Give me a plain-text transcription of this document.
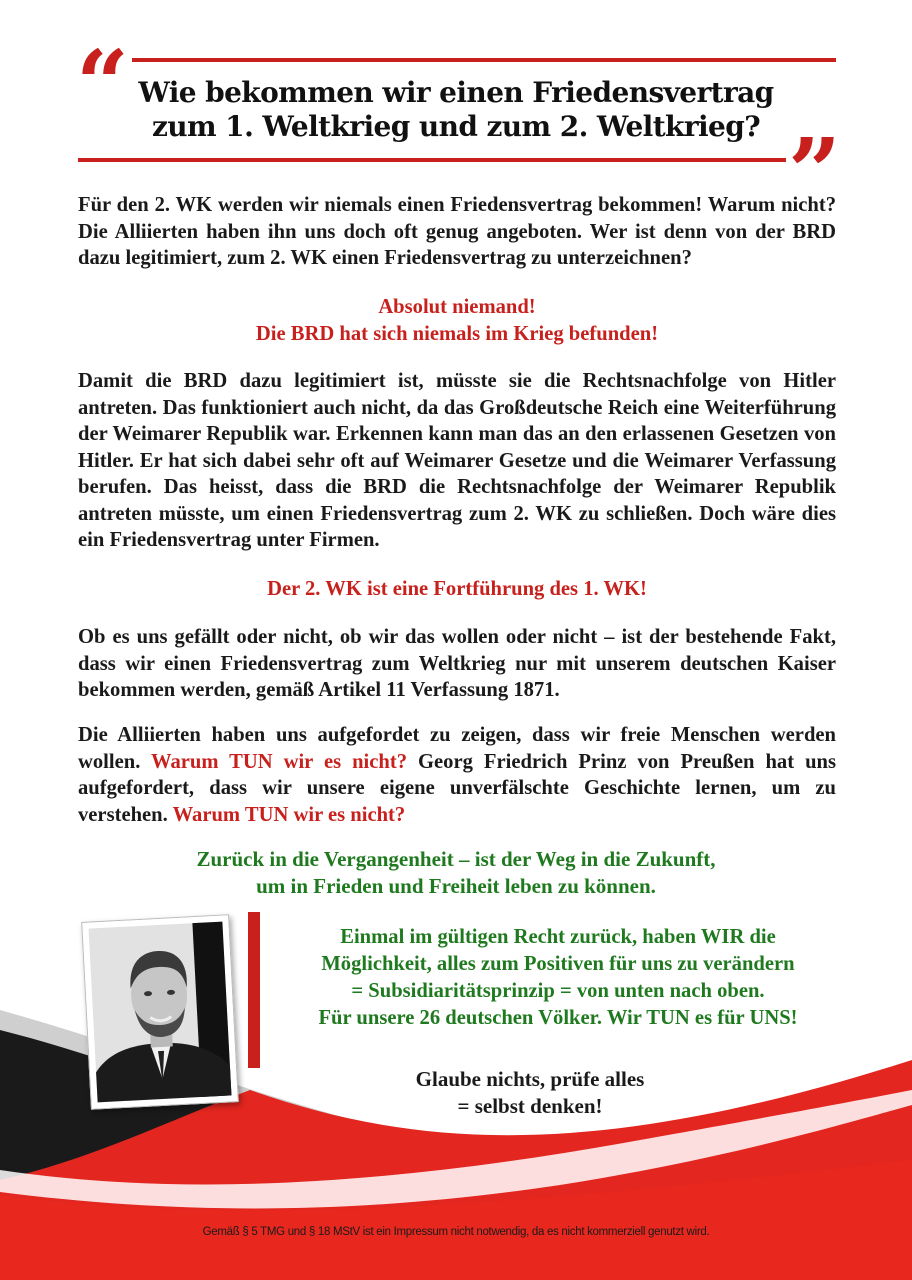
“
”
Wie bekommen wir einen Friedensvertrag
zum 1. Weltkrieg und zum 2. Weltkrieg?
Für den 2. WK werden wir niemals einen Friedensvertrag bekommen! Warum nicht? Die Alliierten haben ihn uns doch oft genug angeboten. Wer ist denn von der BRD dazu legitimiert, zum 2. WK einen Friedensvertrag zu unterzeichnen?
Absolut niemand!
Die BRD hat sich niemals im Krieg befunden!
Damit die BRD dazu legitimiert ist, müsste sie die Rechtsnachfolge von Hitler antreten. Das funktioniert auch nicht, da das Großdeutsche Reich eine Weiterführung der Weimarer Republik war. Erkennen kann man das an den erlassenen Gesetzen von Hitler. Er hat sich dabei sehr oft auf Weimarer Gesetze und die Weimarer Verfassung berufen. Das heisst, dass die BRD die Rechtsnachfolge der Weimarer Republik antreten müsste, um einen Friedensvertrag zum 2. WK zu schließen. Doch wäre dies ein Friedensvertrag unter Firmen.
Der 2. WK ist eine Fortführung des 1. WK!
Ob es uns gefällt oder nicht, ob wir das wollen oder nicht – ist der bestehende Fakt, dass wir einen Friedensvertrag zum Weltkrieg nur mit unserem deutschen Kaiser bekommen werden, gemäß Artikel 11 Verfassung 1871.
Die Alliierten haben uns aufgefordet zu zeigen, dass wir freie Menschen werden wollen. Warum TUN wir es nicht? Georg Friedrich Prinz von Preußen hat uns aufgefordert, dass wir unsere eigene unverfälschte Geschichte lernen, um zu verstehen. Warum TUN wir es nicht?
Zurück in die Vergangenheit – ist der Weg in die Zukunft,
um in Frieden und Freiheit leben zu können.
Einmal im gültigen Recht zurück, haben WIR die
Möglichkeit, alles zum Positiven für uns zu verändern
= Subsidiaritätsprinzip = von unten nach oben.
Für unsere 26 deutschen Völker. Wir TUN es für UNS!
Glaube nichts, prüfe alles
= selbst denken!
Gemäß § 5 TMG und § 18 MStV ist ein Impressum nicht notwendig, da es nicht kommerziell genutzt wird.
